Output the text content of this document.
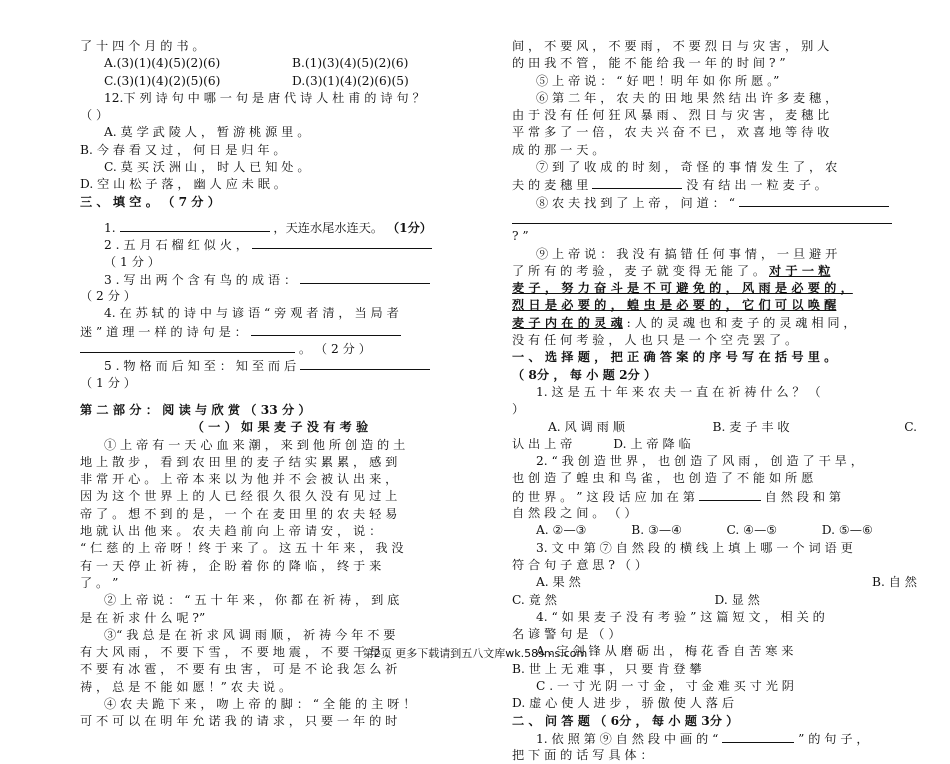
了 十 四 个 月 的 书 。
A.(3)(1)(4)(5)(2)(6)	B.(1)(3)(4)(5)(2)(6)
C.(3)(1)(4)(2)(5)(6)	D.(3)(1)(4)(2)(6)(5)
12.下 列 诗 句 中 哪 一 句 是 唐 代 诗 人 杜 甫 的 诗 句 ？
（ ）
A. 莫 学 武 陵 人 ， 暂 游 桃 源 里 。
B. 今 春 看 又 过 ， 何 日 是 归 年 。
C. 莫 买 沃 洲 山 ， 时 人 已 知 处 。
D. 空 山 松 子 落 ， 幽 人 应 未 眠 。
三 、 填 空 。 （ 7 分 ）
1.	，天连水尾水连天。 （1分）
2 . 五 月 石 榴 红 似 火 ，
（ 1 分 ）
3 . 写 出 两 个 含 有 鸟 的 成 语 ：
（ 2 分 ）
4. 在 苏 轼 的 诗 中 与 谚 语 “ 旁 观 者 清 ， 当 局 者
迷 ” 道 理 一 样 的 诗 句 是 ：
。 （ 2 分 ）
5 . 物 格 而 后 知 至 ： 知 至 而 后
（ 1 分 ）
第 二 部 分 ： 阅 读 与 欣 赏 （ 33 分 ）
（ 一 ） 如 果 麦 子 没 有 考 验
① 上 帝 有 一 天 心 血 来 潮 ， 来 到 他 所 创 造 的 土
地 上 散 步 ， 看 到 农 田 里 的 麦 子 结 实 累 累 ， 感 到
非 常 开 心 。 上 帝 本 来 以 为 他 并 不 会 被 认 出 来 ，
因 为 这 个 世 界 上 的 人 已 经 很 久 很 久 没 有 见 过 上
帝 了 。 想 不 到 的 是 ， 一 个 在 麦 田 里 的 农 夫 轻 易
地 就 认 出 他 来 。 农 夫 趋 前 向 上 帝 请 安 ， 说 ：
“ 仁 慈 的 上 帝 呀 ！终 于 来 了 。 这 五 十 年 来 ， 我 没
有 一 天 停 止 祈 祷 ， 企 盼 着 你 的 降 临 ， 终 于 来
了 。 ”
② 上 帝 说 ： “ 五 十 年 来 ， 你 都 在 祈 祷 ， 到 底
是 在 祈 求 什 么 呢 ?”
③“ 我 总 是 在 祈 求 风 调 雨 顺 ， 祈 祷 今 年 不 要
有 大 风 雨 ， 不 要 下 雪 ， 不 要 地 震 ， 不 要 干 旱 ，
不 要 有 冰 雹 ， 不 要 有 虫 害 ， 可 是 不 论 我 怎 么 祈
祷 ， 总 是 不 能 如 愿 ！” 农 夫 说 。
④ 农 夫 跪 下 来 ， 吻 上 帝 的 脚 ： “ 全 能 的 主 呀 ！
可 不 可 以 在 明 年 允 诺 我 的 请 求 ， 只 要 一 年 的 时
间 ， 不 要 风 ， 不 要 雨 ， 不 要 烈 日 与 灾 害 ， 别 人
的 田 我 不 管 ， 能 不 能 给 我 一 年 的 时 间 ? ”
⑤ 上 帝 说 ： “ 好 吧 ！明 年 如 你 所 愿 。”
⑥ 第 二 年 ， 农 夫 的 田 地 果 然 结 出 许 多 麦 穗 ，
由 于 没 有 任 何 狂 风 暴 雨 、 烈 日 与 灾 害 ， 麦 穗 比
平 常 多 了 一 倍 ， 农 夫 兴 奋 不 已 ， 欢 喜 地 等 待 收
成 的 那 一 天 。
⑦ 到 了 收 成 的 时 刻 ， 奇 怪 的 事 情 发 生 了 ， 农
夫 的 麦 穗 里	没 有 结 出 一 粒 麦 子 。
⑧ 农 夫 找 到 了 上 帝 ， 问 道 ： “
? ”
⑨ 上 帝 说 ： 我 没 有 搞 错 任 何 事 情 ， 一 旦 避 开
了 所 有 的 考 验 ， 麦 子 就 变 得 无 能 了 。 对 于 一 粒
麦 子 ， 努 力 奋 斗 是 不 可 避 免 的 ， 风 雨 是 必 要 的 ，
烈 日 是 必 要 的 ， 蝗 虫 是 必 要 的 ， 它 们 可 以 唤 醒
麦 子 内 在 的 灵 魂 : 人 的 灵 魂 也 和 麦 子 的 灵 魂 相 同 ，
没 有 任 何 考 验 ， 人 也 只 是 一 个 空 壳 罢 了 。
一 、 选 择 题 ， 把 正 确 答 案 的 序 号 写 在 括 号 里 。
（ 8分 ， 每 小 题 2分 ）
1. 这 是 五 十 年 来 农 夫 一 直 在 祈 祷 什 么 ？ （
）
A. 风 调 雨 顺	B. 麦 子 丰 收	C.
认 出 上 帝	D. 上 帝 降 临
2. “ 我 创 造 世 界 ， 也 创 造 了 风 雨 ， 创 造 了 干 旱 ，
也 创 造 了 蝗 虫 和 鸟 雀 ， 也 创 造 了 不 能 如 所 愿
的 世 界 。 ” 这 段 话 应 加 在 第	自 然 段 和 第
自 然 段 之 间 。 （ ）
A. ②—③	B. ③—④	C. ④—⑤	D. ⑤—⑥
3. 文 中 第 ⑦ 自 然 段 的 横 线 上 填 上 哪 一 个 词 语 更
符 合 句 子 意 思 ? （ ）
A. 果 然	B. 自 然
C. 竟 然	D. 显 然
4. “ 如 果 麦 子 没 有 考 验 ” 这 篇 短 文 ， 相 关 的
名 谚 警 句 是 （ ）
A . 宝 剑 锋 从 磨 砺 出 ， 梅 花 香 自 苦 寒 来
B. 世 上 无 难 事 ， 只 要 肯 登 攀
C . 一 寸 光 阴 一 寸 金 ， 寸 金 难 买 寸 光 阴
D. 虚 心 使 人 进 步 ， 骄 傲 使 人 落 后
二 、 问 答 题 （ 6分 ， 每 小 题 3分 ）
1. 依 照 第 ⑨ 自 然 段 中 画 的 “	” 的 句 子 ，
把 下 面 的 话 写 具 体 ：
第2页 更多下载请到五八文库wk.58sms.com
